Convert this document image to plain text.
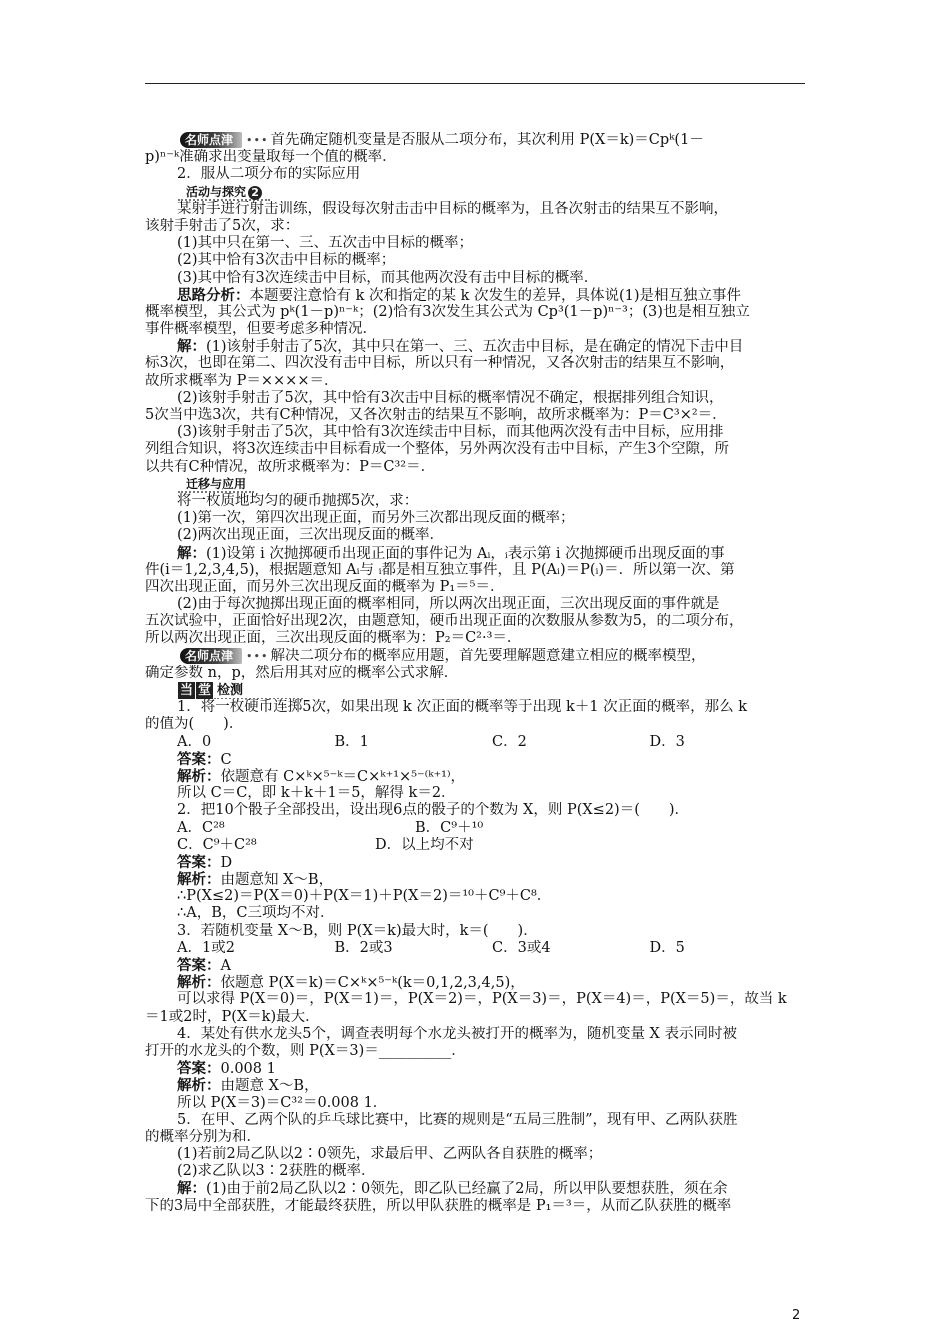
名师点津 ••• 首先确定随机变量是否服从二项分布，其次利用 P(X＝k)＝Cpᵏ(1－
p)ⁿ⁻ᵏ准确求出变量取每一个值的概率．
2．服从二项分布的实际应用
活动与探究 2
某射手进行射击训练，假设每次射击击中目标的概率为，且各次射击的结果互不影响，
该射手射击了5次，求：
(1)其中只在第一、三、五次击中目标的概率；
(2)其中恰有3次击中目标的概率；
(3)其中恰有3次连续击中目标，而其他两次没有击中目标的概率．
思路分析：本题要注意恰有 k 次和指定的某 k 次发生的差异，具体说(1)是相互独立事件
概率模型，其公式为 pᵏ(1－p)ⁿ⁻ᵏ；(2)恰有3次发生其公式为 Cp³(1－p)ⁿ⁻³；(3)也是相互独立
事件概率模型，但要考虑多种情况．
解：(1)该射手射击了5次，其中只在第一、三、五次击中目标，是在确定的情况下击中目
标3次，也即在第二、四次没有击中目标，所以只有一种情况，又各次射击的结果互不影响，
故所求概率为 P＝××××＝．
(2)该射手射击了5次，其中恰有3次击中目标的概率情况不确定，根据排列组合知识，
5次当中选3次，共有C种情况，又各次射击的结果互不影响，故所求概率为：P＝C³×²＝．
(3)该射手射击了5次，其中恰有3次连续击中目标，而其他两次没有击中目标，应用排
列组合知识，将3次连续击中目标看成一个整体，另外两次没有击中目标，产生3个空隙，所
以共有C种情况，故所求概率为：P＝C³²＝．
迁移与应用
将一枚质地均匀的硬币抛掷5次，求：
(1)第一次，第四次出现正面，而另外三次都出现反面的概率；
(2)两次出现正面，三次出现反面的概率．
解：(1)设第 i 次抛掷硬币出现正面的事件记为 Aᵢ，ᵢ表示第 i 次抛掷硬币出现反面的事
件(i＝1,2,3,4,5)，根据题意知 Aᵢ与 ᵢ都是相互独立事件，且 P(Aᵢ)＝P(ᵢ)＝．所以第一次、第
四次出现正面，而另外三次出现反面的概率为 P₁＝⁵＝．
(2)由于每次抛掷出现正面的概率相同，所以两次出现正面，三次出现反面的事件就是
五次试验中，正面恰好出现2次，由题意知，硬币出现正面的次数服从参数为5，的二项分布，
所以两次出现正面，三次出现反面的概率为：P₂＝C²·³＝．
名师点津 ••• 解决二项分布的概率应用题，首先要理解题意建立相应的概率模型，
确定参数 n，p，然后用其对应的概率公式求解．
当 堂 检测
1．将一枚硬币连掷5次，如果出现 k 次正面的概率等于出现 k＋1 次正面的概率，那么 k
的值为(　　)．
A．0	B．1	C．2	D．3
答案：C
解析：依题意有 C×ᵏ×⁵⁻ᵏ＝C×ᵏ⁺¹×⁵⁻⁽ᵏ⁺¹⁾，
所以 C＝C，即 k＋k＋1＝5，解得 k＝2．
2．把10个骰子全部投出，设出现6点的骰子的个数为 X，则 P(X≤2)＝(　　)．
A．C²⁸	B．C⁹＋¹⁰
C．C⁹＋C²⁸	D．以上均不对
答案：D
解析：由题意知 X～B，
∴P(X≤2)＝P(X＝0)＋P(X＝1)＋P(X＝2)＝¹⁰＋C⁹＋C⁸．
∴A，B，C三项均不对．
3．若随机变量 X～B，则 P(X＝k)最大时，k＝(　　)．
A．1或2	B．2或3	C．3或4	D．5
答案：A
解析：依题意 P(X＝k)＝C×ᵏ×⁵⁻ᵏ(k＝0,1,2,3,4,5)，
可以求得 P(X＝0)＝，P(X＝1)＝，P(X＝2)＝，P(X＝3)＝，P(X＝4)＝，P(X＝5)＝，故当 k
＝1或2时，P(X＝k)最大．
4．某处有供水龙头5个，调查表明每个水龙头被打开的概率为，随机变量 X 表示同时被
打开的水龙头的个数，则 P(X＝3)＝__________．
答案：0.008 1
解析：由题意 X～B，
所以 P(X＝3)＝C³²＝0.008 1．
5．在甲、乙两个队的乒乓球比赛中，比赛的规则是“五局三胜制”，现有甲、乙两队获胜
的概率分别为和．
(1)若前2局乙队以2∶0领先，求最后甲、乙两队各自获胜的概率；
(2)求乙队以3∶2获胜的概率．
解：(1)由于前2局乙队以2∶0领先，即乙队已经赢了2局，所以甲队要想获胜，须在余
下的3局中全部获胜，才能最终获胜，所以甲队获胜的概率是 P₁＝³＝，从而乙队获胜的概率
2
